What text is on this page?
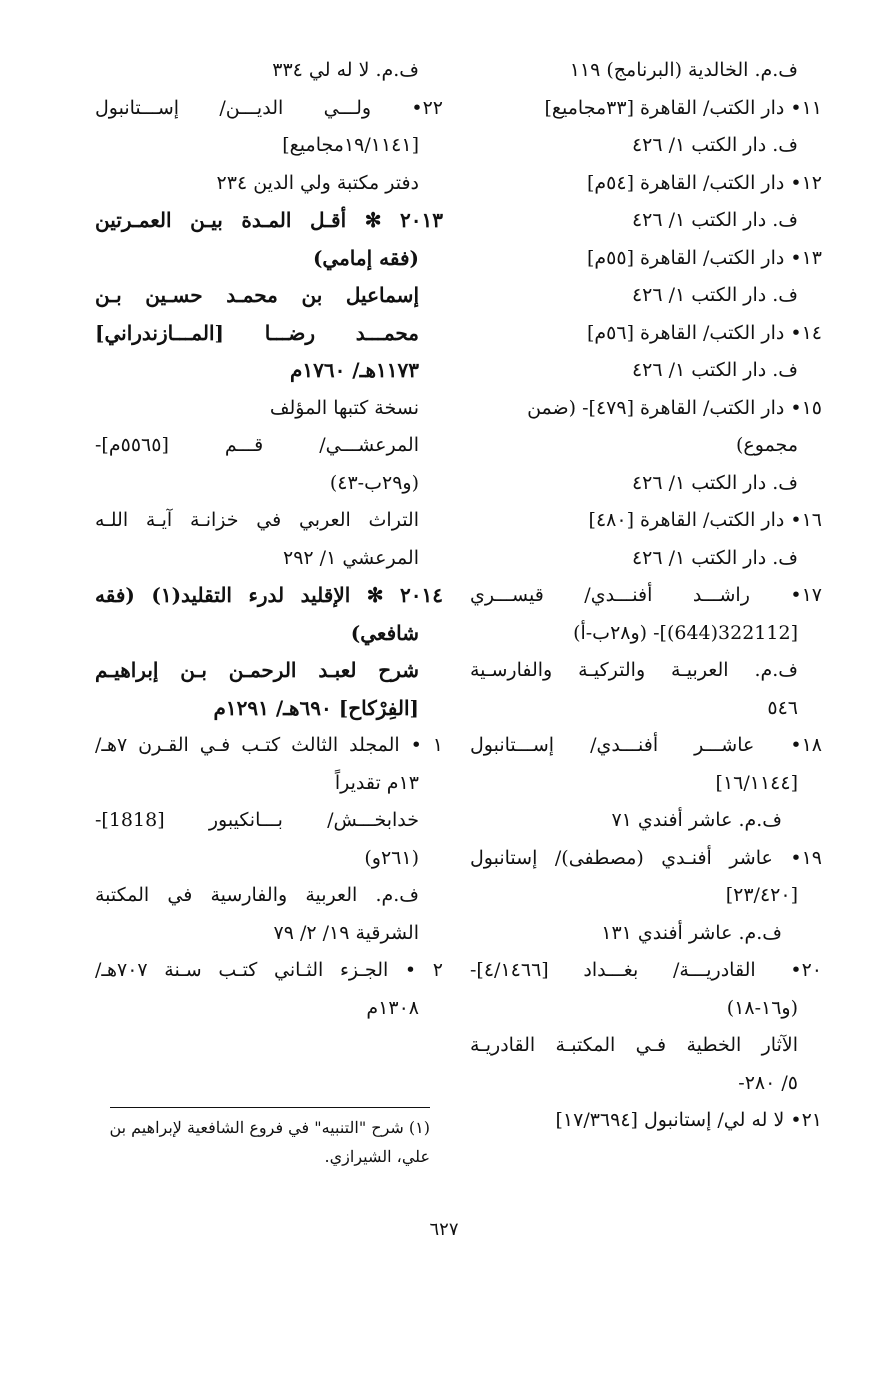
ف.م. الخالدية (البرنامج) ١١٩
١١• دار الكتب/ القاهرة [٣٣مجاميع]
ف. دار الكتب ١/ ٤٢٦
١٢• دار الكتب/ القاهرة [٥٤م]
ف. دار الكتب ١/ ٤٢٦
١٣• دار الكتب/ القاهرة [٥٥م]
ف. دار الكتب ١/ ٤٢٦
١٤• دار الكتب/ القاهرة [٥٦م]
ف. دار الكتب ١/ ٤٢٦
١٥• دار الكتب/ القاهرة [٤٧٩]- (ضمن
مجموع)
ف. دار الكتب ١/ ٤٢٦
١٦• دار الكتب/ القاهرة [٤٨٠]
ف. دار الكتب ١/ ٤٢٦
١٧• راشـــد أفنـــدي/ قيســـري
[322112(644)]- (و٢٨ب-أ)
ف.م. العربيـة والتركيـة والفارسـية
٥٤٦
١٨• عاشـــر أفنـــدي/ إســـتانبول
[١٦/١١٤٤]
ف.م. عاشر أفندي ٧١
١٩• عاشر أفنـدي (مصطفى)/ إستانبول
[٢٣/٤٢٠]
ف.م. عاشر أفندي ١٣١
٢٠• القادريـــة/ بغـــداد [٤/١٤٦٦]-
(و١٦-١٨)
الآثار الخطية فـي المكتبـة القادريـة
٥/ ٢٨٠-
٢١• لا له لي/ إستانبول [١٧/٣٦٩٤]
ف.م. لا له لي ٣٣٤
٢٢• ولـــي الديـــن/ إســـتانبول
[١٩/١١٤١مجاميع]
دفتر مكتبة ولي الدين ٢٣٤
٢٠١٣ ✻ أقـل المـدة بيـن العمـرتين
(فقه إمامي)
إسماعيل بن محمـد حسـين بـن
محمـــد رضـــا [المـــازندراني]
١١٧٣هـ/ ١٧٦٠م
نسخة كتبها المؤلف
المرعشـــي/ قـــم [٥٥٦٥م]-
(و٢٩ب-٤٣)
التراث العربي في خزانـة آيـة اللـه
المرعشي ١/ ٢٩٢
٢٠١٤ ✻ الإقليد لدرء التقليد(١) (فقه
شافعي)
شرح لعبـد الرحمـن بـن إبراهيـم
[الفِرْكاح] ٦٩٠هـ/ ١٢٩١م
١ • المجلد الثالث كتـب فـي القـرن ٧هـ/
١٣م تقديراً
خدابخـــش/ بـــانكيبور [1818]-
(٢٦١و)
ف.م. العربية والفارسية في المكتبة
الشرقية ١٩/ ٢/ ٧٩
٢ • الجـزء الثـاني كتـب سـنة ٧٠٧هـ/
١٣٠٨م
(١) شرح "التنبيه" في فروع الشافعية لإبراهيم بن
علي، الشيرازي.
٦٢٧
